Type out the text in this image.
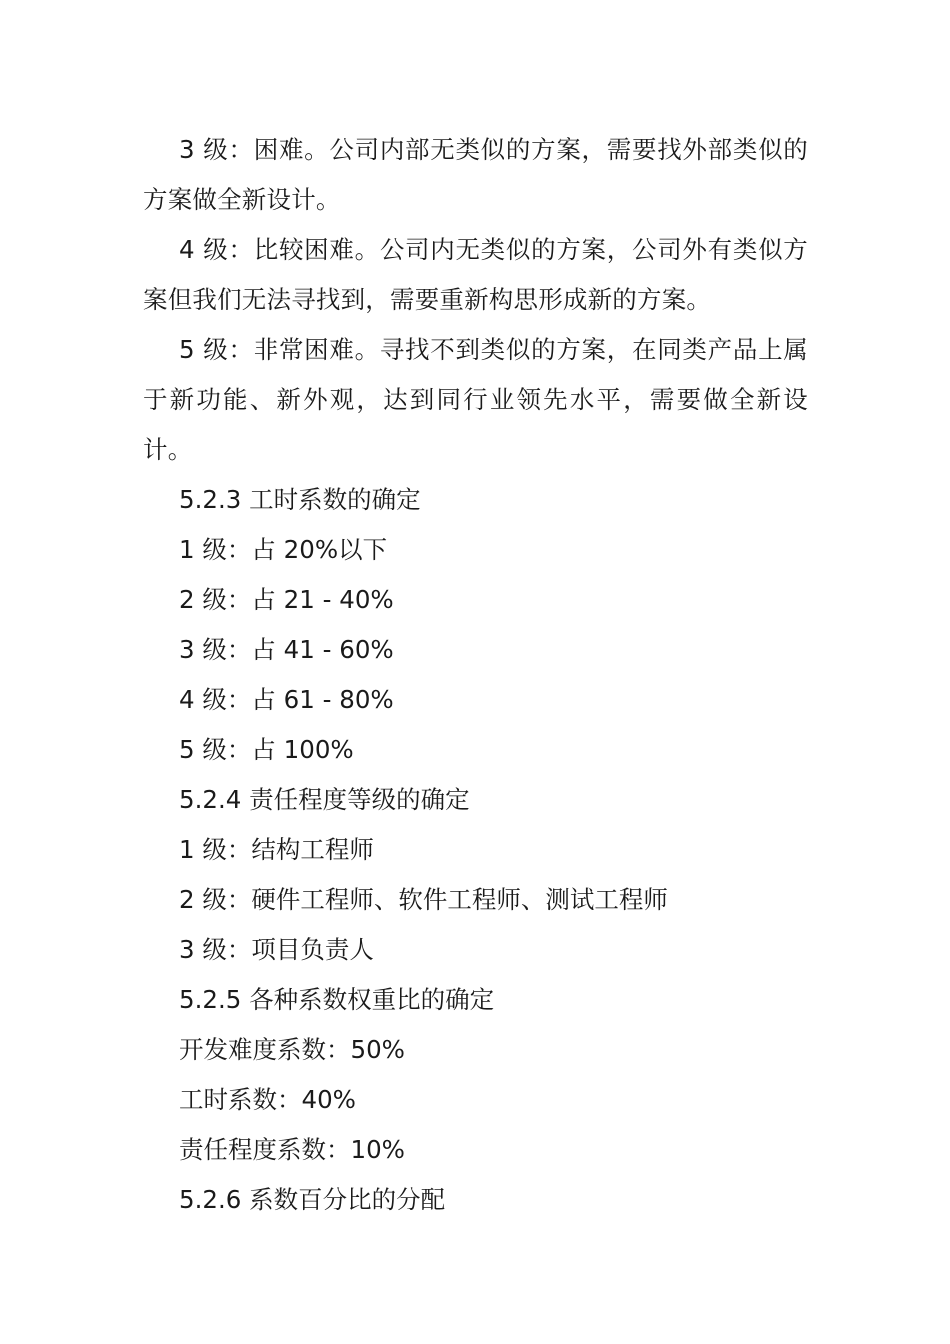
3 级：困难。公司内部无类似的方案，需要找外部类似的方案做全新设计。

4 级：比较困难。公司内无类似的方案，公司外有类似方案但我们无法寻找到，需要重新构思形成新的方案。

5 级：非常困难。寻找不到类似的方案，在同类产品上属于新功能、新外观，达到同行业领先水平，需要做全新设计。

5.2.3 工时系数的确定

1 级：占 20%以下

2 级：占 21 - 40%

3 级：占 41 - 60%

4 级：占 61 - 80%

5 级：占 100%

5.2.4 责任程度等级的确定

1 级：结构工程师

2 级：硬件工程师、软件工程师、测试工程师

3 级：项目负责人

5.2.5 各种系数权重比的确定

开发难度系数：50%

工时系数：40%

责任程度系数：10%

5.2.6 系数百分比的分配
